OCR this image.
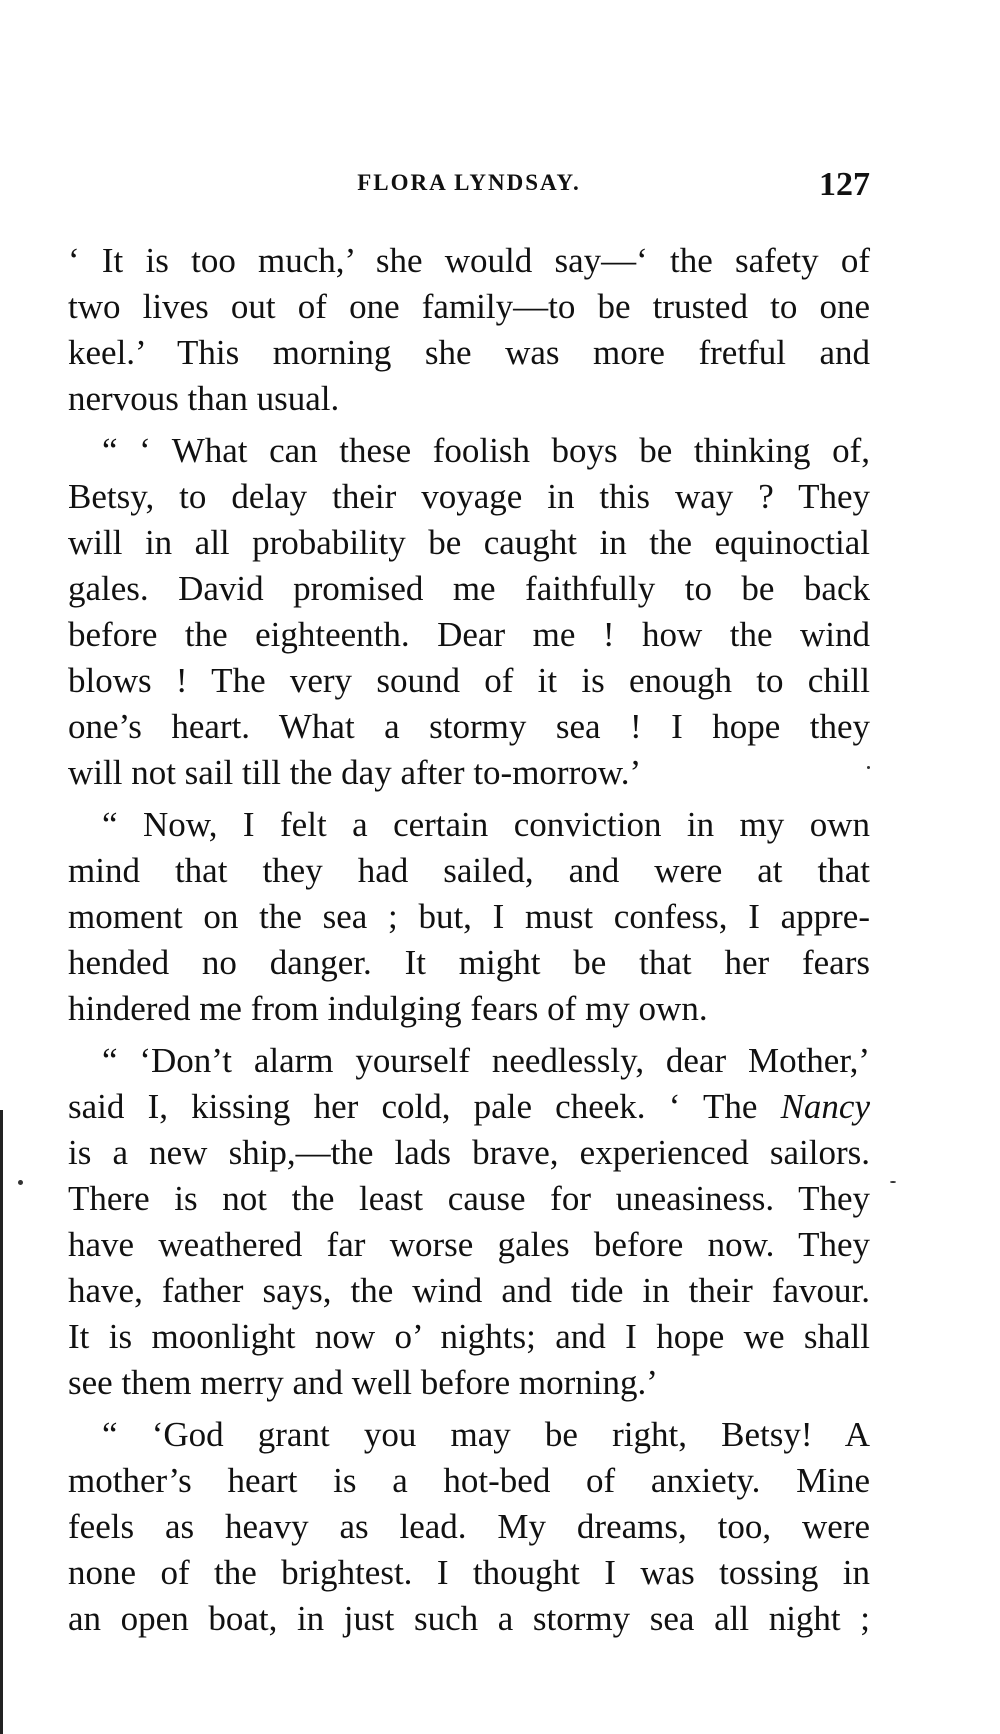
FLORA LYNDSAY.	127
‘ It is too much,’ she would say—‘ the safety of
two lives out of one family—to be trusted to one
keel.’ This morning she was more fretful and
nervous than usual.
“ ‘ What can these foolish boys be thinking of,
Betsy, to delay their voyage in this way ? They
will in all probability be caught in the equinoctial
gales. David promised me faithfully to be back
before the eighteenth. Dear me ! how the wind
blows ! The very sound of it is enough to chill
one’s heart. What a stormy sea ! I hope they
will not sail till the day after to-morrow.’
“ Now, I felt a certain conviction in my own
mind that they had sailed, and were at that
moment on the sea ; but, I must confess, I appre-
hended no danger. It might be that her fears
hindered me from indulging fears of my own.
“ ‘Don’t alarm yourself needlessly, dear Mother,’
said I, kissing her cold, pale cheek. ‘ The Nancy
is a new ship,—the lads brave, experienced sailors.
There is not the least cause for uneasiness. They
have weathered far worse gales before now. They
have, father says, the wind and tide in their favour.
It is moonlight now o’ nights; and I hope we shall
see them merry and well before morning.’
“ ‘God grant you may be right, Betsy! A
mother’s heart is a hot-bed of anxiety. Mine
feels as heavy as lead. My dreams, too, were
none of the brightest. I thought I was tossing in
an open boat, in just such a stormy sea all night ;
